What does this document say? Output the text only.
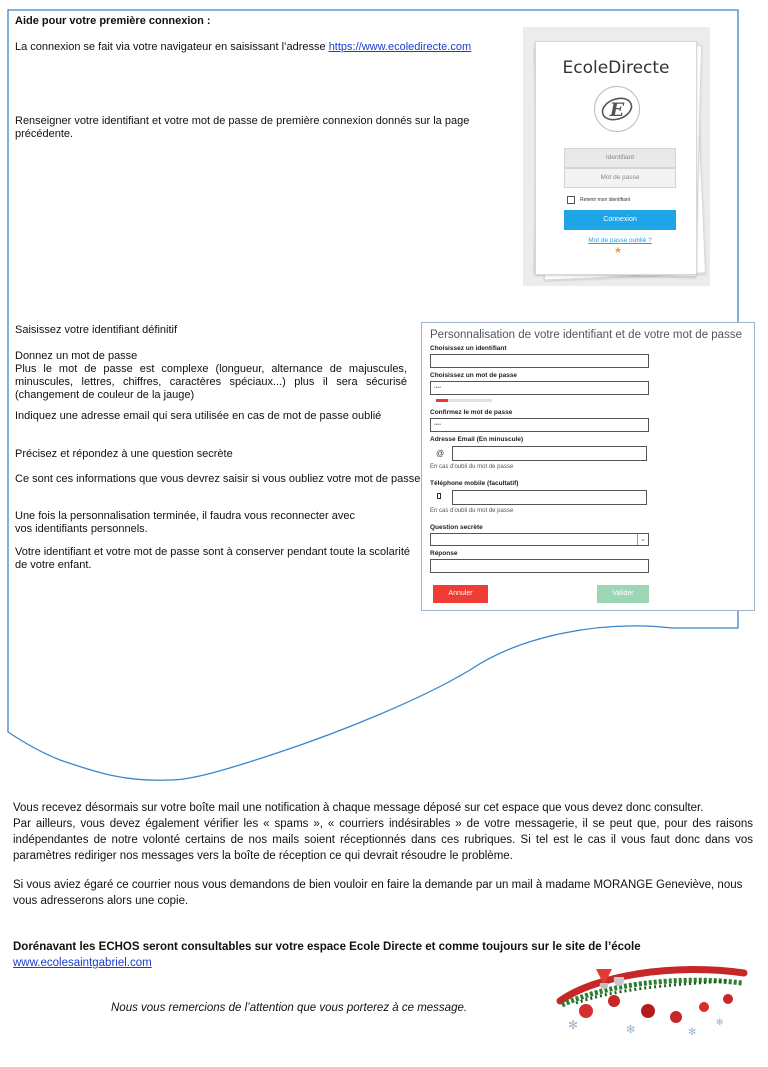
Aide pour votre première connexion :
La connexion se fait via votre navigateur en saisissant l’adresse https://www.ecoledirecte.com
Renseigner votre identifiant et votre mot de passe de première connexion donnés sur la page précédente.
EcoleDirecte
E
Identifiant
Mot de passe
Retenir mon identifiant
Connexion
Mot de passe oublié ?
★
Saisissez votre identifiant définitif
Donnez un mot de passe
Plus le mot de passe est complexe (longueur, alternance de majuscules, minuscules, lettres, chiffres, caractères spéciaux...) plus il sera sécurisé (changement de couleur de la jauge)
Indiquez une adresse email qui sera utilisée en cas de mot de passe oublié
Précisez et répondez à une question secrète
Ce sont ces informations que vous devrez saisir si vous oubliez votre mot de passe
Une fois la personnalisation terminée, il faudra vous reconnecter avec vos identifiants personnels.
Votre identifiant et votre mot de passe sont à conserver pendant toute la scolarité de votre enfant.
Personnalisation de votre identifiant et de votre mot de passe
Choisissez un identifiant
Choisissez un mot de passe
••••
Confirmez le mot de passe
••••
Adresse Email (En minuscule)
@
En cas d'oubli du mot de passe
Téléphone mobile (facultatif)
En cas d'oubli du mot de passe
Question secrète
⌄
Réponse
Annuler	Valider
Vous recevez désormais sur votre boîte mail une notification à chaque message déposé sur cet espace que vous devez donc consulter.
Par ailleurs, vous devez également vérifier les « spams », « courriers indésirables » de votre messagerie, il se peut que, pour des raisons indépendantes de notre volonté certains de nos mails soient réceptionnés dans ces rubriques. Si tel est le cas il vous faut donc dans vos paramètres rediriger nos messages vers la boîte de réception ce qui devrait résoudre le problème.
Si vous aviez égaré ce courrier nous vous demandons de bien vouloir en faire la demande par un mail à madame MORANGE Geneviève, nous vous adresserons alors une copie.
Dorénavant les ECHOS seront consultables sur votre espace Ecole Directe et comme toujours sur le site de l’école
www.ecolesaintgabriel.com
Nous vous remercions de l’attention que vous porterez à ce message.
✻	✻	✻
✻
